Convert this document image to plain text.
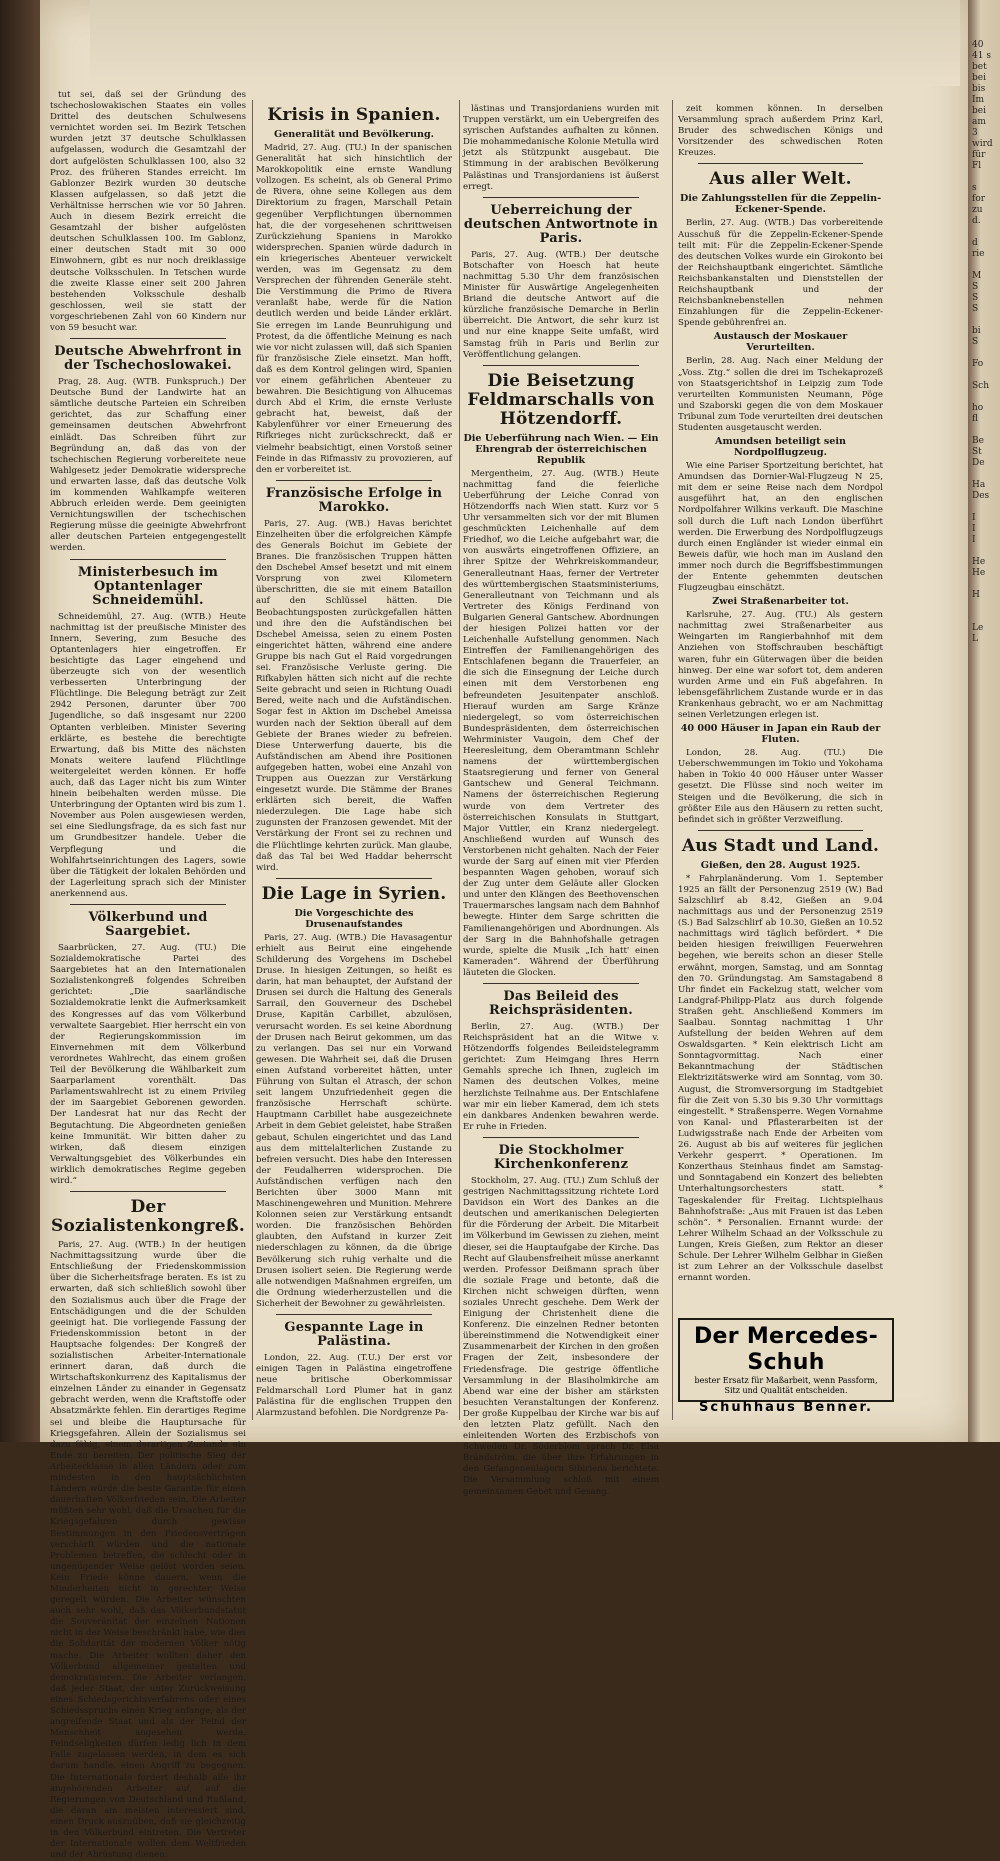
tut sei, daß sei der Gründung des tschechoslowakischen Staates ein volles Drittel des deutschen Schulwesens vernichtet worden sei. Im Bezirk Tetschen wurden jetzt 37 deutsche Schulklassen aufgelassen, wodurch die Gesamtzahl der dort aufgelösten Schulklassen 100, also 32 Proz. des früheren Standes erreicht. Im Gablonzer Bezirk wurden 30 deutsche Klassen aufgelassen, so daß jetzt die Verhältnisse herrschen wie vor 50 Jahren. Auch in diesem Bezirk erreicht die Gesamtzahl der bisher aufgelösten deutschen Schulklassen 100. Im Gablonz, einer deutschen Stadt mit 30 000 Einwohnern, gibt es nur noch dreiklassige deutsche Volksschulen. In Tetschen wurde die zweite Klasse einer seit 200 Jahren bestehenden Volksschule deshalb geschlossen, weil sie statt der vorgeschriebenen Zahl von 60 Kindern nur von 59 besucht war.

Deutsche Abwehrfront in der Tschechoslowakei.

Prag, 28. Aug. (WTB. Funkspruch.) Der Deutsche Bund der Landwirte hat an sämtliche deutsche Parteien ein Schreiben gerichtet, das zur Schaffung einer gemeinsamen deutschen Abwehrfront einlädt. Das Schreiben führt zur Begründung an, daß das von der tschechischen Regierung vorbereitete neue Wahlgesetz jeder Demokratie widerspreche und erwarten lasse, daß das deutsche Volk im kommenden Wahlkampfe weiteren Abbruch erleiden werde. Dem geeinigten Vernichtungswillen der tschechischen Regierung müsse die geeinigte Abwehrfront aller deutschen Parteien entgegengestellt werden.

Ministerbesuch im Optantenlager Schneidemühl.

Schneidemühl, 27. Aug. (WTB.) Heute nachmittag ist der preußische Minister des Innern, Severing, zum Besuche des Optantenlagers hier eingetroffen. Er besichtigte das Lager eingehend und überzeugte sich von der wesentlich verbesserten Unterbringung der Flüchtlinge. Die Belegung beträgt zur Zeit 2942 Personen, darunter über 700 Jugendliche, so daß insgesamt nur 2200 Optanten verbleiben. Minister Severing erklärte, es bestehe die berechtigte Erwartung, daß bis Mitte des nächsten Monats weitere laufend Flüchtlinge weitergeleitet werden können. Er hoffe auch, daß das Lager nicht bis zum Winter hinein beibehalten werden müsse. Die Unterbringung der Optanten wird bis zum 1. November aus Polen ausgewiesen werden, sei eine Siedlungsfrage, da es sich fast nur um Grundbesitzer handele. Ueber die Verpflegung und die Wohlfahrtseinrichtungen des Lagers, sowie über die Tätigkeit der lokalen Behörden und der Lagerleitung sprach sich der Minister anerkennend aus.

Völkerbund und Saargebiet.

Saarbrücken, 27. Aug. (TU.) Die Sozialdemokratische Partei des Saargebietes hat an den Internationalen Sozialistenkongreß folgendes Schreiben gerichtet: „Die saarländische Sozialdemokratie lenkt die Aufmerksamkeit des Kongresses auf das vom Völkerbund verwaltete Saargebiet. Hier herrscht ein von der Regierungskommission im Einvernehmen mit dem Völkerbund verordnetes Wahlrecht, das einem großen Teil der Bevölkerung die Wählbarkeit zum Saarparlament vorenthält. Das Parlamentswahlrecht ist zu einem Privileg der im Saargebiet Geborenen geworden. Der Landesrat hat nur das Recht der Begutachtung. Die Abgeordneten genießen keine Immunität. Wir bitten daher zu wirken, daß diesem einzigen Verwaltungsgebiet des Völkerbundes ein wirklich demokratisches Regime gegeben wird.“

Der Sozialistenkongreß.

Paris, 27. Aug. (WTB.) In der heutigen Nachmittagssitzung wurde über die Entschließung der Friedenskommission über die Sicherheitsfrage beraten. Es ist zu erwarten, daß sich schließlich sowohl über den Sozialismus auch über die Frage der Entschädigungen und die der Schulden geeinigt hat. Die vorliegende Fassung der Friedenskommission betont in der Hauptsache folgendes: Der Kongreß der sozialistischen Arbeiter-Internationale erinnert daran, daß durch die Wirtschaftskonkurrenz des Kapitalismus der einzelnen Länder zu einander in Gegensatz gebracht werden, wenn die Kraftstoffe oder Absatzmärkte fehlen. Ein derartiges Regime sei und bleibe die Hauptursache für Kriegsgefahren. Allein der Sozialismus sei dazu fähig, einem derartigen Zustande ein Ende zu bereiten. Der politische Sieg der Arbeiterklasse in allen Ländern oder zum mindesten in den hauptsächlichsten Ländern würde die beste Garantie für einen dauerhaften Völkerfrieden sein. Die Arbeiter müßten sehr wohl, daß die Ursachen für die Kriegsgefahren durch gewisse Bestimmungen in den Friedensverträgen verschärft würden und die nationale Problemen betreffen, die schlecht oder in ungenügender Weise gelöst worden seien. Kein Friede könne dauern, wenn die Minderheiten nicht in gerechter Weise geregelt würden. Die Arbeiter wünschten auch sehr wohl, daß das Völkerbundstatut die Souveränität der einzelnen Nationen nicht in der Weise beschränkt habe, wie dies die Solidarität der modernen Völker nötig mache. Die Arbeiter wollten daher den Völkerbund allgemeiner gestalten und demokratisieren. Die Arbeiter verlangen, daß jeder Staat, der unter Zurückweisung eines Schiedsgerichtsverfahrens oder eines Schiedsspruchs einen Krieg anfange, als der angreifende Staat und als der Feind der Menschheit angesehen werde. Feindseligkeiten dürfen ledig lich in dem Falle zugelassen werden, in dem es sich darum handle, einen Angriff zu begegnen. Die Internationale fordert deshalb alle ihr angehörenden Arbeiter auf, auf die Regierungen von Deutschland und Rußland, die daran am meisten interessiert sind, einen Druck auszuüben, daß sie gleichzeitig in den Völkerbund eintreten. Die Vertreter der Internationale wollen dem Weltfrieden und der Abrüstung dienen.

Krisis in Spanien.
Generalität und Bevölkerung.

Madrid, 27. Aug. (TU.) In der spanischen Generalität hat sich hinsichtlich der Marokkopolitik eine ernste Wandlung vollzogen. Es scheint, als ob General Primo de Rivera, ohne seine Kollegen aus dem Direktorium zu fragen, Marschall Petain gegenüber Verpflichtungen übernommen hat, die der vorgesehenen schrittweisen Zurückziehung Spaniens in Marokko widersprechen. Spanien würde dadurch in ein kriegerisches Abenteuer verwickelt werden, was im Gegensatz zu dem Versprechen der führenden Generäle steht. Die Verstimmung die Primo de Rivera veranlaßt habe, werde für die Nation deutlich werden und beide Länder erklärt. Sie erregen im Lande Beunruhigung und Protest, da die öffentliche Meinung es nach wie vor nicht zulassen will, daß sich Spanien für französische Ziele einsetzt. Man hofft, daß es dem Kontrol gelingen wird, Spanien vor einem gefährlichen Abenteuer zu bewahren. Die Besichtigung von Alhucemas durch Abd el Krim, die ernste Verluste gebracht hat, beweist, daß der Kabylenführer vor einer Erneuerung des Rifkrieges nicht zurückschreckt, daß er vielmehr beabsichtigt, einen Vorstoß seiner Feinde in das Rifmassiv zu provozieren, auf den er vorbereitet ist.

Französische Erfolge in Marokko.

Paris, 27. Aug. (WB.) Havas berichtet Einzelheiten über die erfolgreichen Kämpfe des Generals Boichut im Gebiete der Branes. Die französischen Truppen hätten den Dschebel Amsef besetzt und mit einem Vorsprung von zwei Kilometern überschritten, die sie mit einem Bataillon auf den Schlüssel hätten. Die Beobachtungsposten zurückgefallen hätten und ihre den die Aufständischen bei Dschebel Ameissa, seien zu einem Posten eingerichtet hätten, während eine andere Gruppe bis nach Gut el Raid vorgedrungen sei. Französische Verluste gering. Die Rifkabylen hätten sich nicht auf die rechte Seite gebracht und seien in Richtung Ouadi Bered, weite nach und die Aufständischen. Sogar fest in Aktion im Dschebel Ameissa wurden nach der Sektion überall auf dem Gebiete der Branes wieder zu befreien. Diese Unterwerfung dauerte, bis die Aufständischen am Abend ihre Positionen aufgegeben hatten, wobei eine Anzahl von Truppen aus Ouezzan zur Verstärkung eingesetzt wurde. Die Stämme der Branes erklärten sich bereit, die Waffen niederzulegen. Die Lage habe sich zugunsten der Franzosen gewendet. Mit der Verstärkung der Front sei zu rechnen und die Flüchtlinge kehrten zurück. Man glaube, daß das Tal bei Wed Haddar beherrscht wird.

Die Lage in Syrien.
Die Vorgeschichte des Drusenaufstandes

Paris, 27. Aug. (WTB.) Die Havasagentur erhielt aus Beirut eine eingehende Schilderung des Vorgehens im Dschebel Druse. In hiesigen Zeitungen, so heißt es darin, hat man behauptet, der Aufstand der Drusen sei durch die Haltung des Generals Sarrail, den Gouverneur des Dschebel Druse, Kapitän Carbillet, abzulösen, verursacht worden. Es sei keine Abordnung der Drusen nach Beirut gekommen, um das zu verlangen. Das sei nur ein Vorwand gewesen. Die Wahrheit sei, daß die Drusen einen Aufstand vorbereitet hätten, unter Führung von Sultan el Atrasch, der schon seit langem Unzufriedenheit gegen die französische Herrschaft schürte. Hauptmann Carbillet habe ausgezeichnete Arbeit in dem Gebiet geleistet, habe Straßen gebaut, Schulen eingerichtet und das Land aus dem mittelalterlichen Zustande zu befreien versucht. Dies habe den Interessen der Feudalherren widersprochen. Die Aufständischen verfügen nach den Berichten über 3000 Mann mit Maschinengewehren und Munition. Mehrere Kolonnen seien zur Verstärkung entsandt worden. Die französischen Behörden glaubten, den Aufstand in kurzer Zeit niederschlagen zu können, da die übrige Bevölkerung sich ruhig verhalte und die Drusen isoliert seien. Die Regierung werde alle notwendigen Maßnahmen ergreifen, um die Ordnung wiederherzustellen und die Sicherheit der Bewohner zu gewährleisten.

Gespannte Lage in Palästina.

London, 22. Aug. (T.U.) Der erst vor einigen Tagen in Palästina eingetroffene neue britische Oberkommissar Feldmarschall Lord Plumer hat in ganz Palästina für die englischen Truppen den Alarmzustand befohlen. Die Nordgrenze Pa-

lästinas und Transjordaniens wurden mit Truppen verstärkt, um ein Uebergreifen des syrischen Aufstandes aufhalten zu können. Die mohammedanische Kolonie Metulla wird jetzt als Stützpunkt ausgebaut. Die Stimmung in der arabischen Bevölkerung Palästinas und Transjordaniens ist äußerst erregt.

Ueberreichung der deutschen Antwortnote in Paris.

Paris, 27. Aug. (WTB.) Der deutsche Botschafter von Hoesch hat heute nachmittag 5.30 Uhr dem französischen Minister für Auswärtige Angelegenheiten Briand die deutsche Antwort auf die kürzliche französische Demarche in Berlin überreicht. Die Antwort, die sehr kurz ist und nur eine knappe Seite umfaßt, wird Samstag früh in Paris und Berlin zur Veröffentlichung gelangen.

Die Beisetzung Feldmarschalls von Hötzendorff.
Die Ueberführung nach Wien. — Ein Ehrengrab der österreichischen Republik

Mergentheim, 27. Aug. (WTB.) Heute nachmittag fand die feierliche Ueberführung der Leiche Conrad von Hötzendorffs nach Wien statt. Kurz vor 5 Uhr versammelten sich vor der mit Blumen geschmückten Leichenhalle auf dem Friedhof, wo die Leiche aufgebahrt war, die von auswärts eingetroffenen Offiziere, an ihrer Spitze der Wehrkreiskommandeur, Generalleutnant Haas, ferner der Vertreter des württembergischen Staatsministeriums, Generalleutnant von Teichmann und als Vertreter des Königs Ferdinand von Bulgarien General Gantschew. Abordnungen der hiesigen Polizei hatten vor der Leichenhalle Aufstellung genommen. Nach Eintreffen der Familienangehörigen des Entschlafenen begann die Trauerfeier, an die sich die Einsegnung der Leiche durch einen mit dem Verstorbenen eng befreundeten Jesuitenpater anschloß. Hierauf wurden am Sarge Kränze niedergelegt, so vom österreichischen Bundespräsidenten, dem österreichischen Wehrminister Vaugoin, dem Chef der Heeresleitung, dem Oberamtmann Schlehr namens der württembergischen Staatsregierung und ferner von General Gantschew und General Teichmann. Namens der österreichischen Regierung wurde von dem Vertreter des österreichischen Konsulats in Stuttgart, Major Vuttler, ein Kranz niedergelegt. Anschließend wurden auf Wunsch des Verstorbenen nicht gehalten. Nach der Feier wurde der Sarg auf einen mit vier Pferden bespannten Wagen gehoben, worauf sich der Zug unter dem Geläute aller Glocken und unter den Klängen des Beethovenschen Trauermarsches langsam nach dem Bahnhof bewegte. Hinter dem Sarge schritten die Familienangehörigen und Abordnungen. Als der Sarg in die Bahnhofshalle getragen wurde, spielte die Musik „Ich hatt' einen Kameraden“. Während der Überführung läuteten die Glocken.

Das Beileid des Reichspräsidenten.

Berlin, 27. Aug. (WTB.) Der Reichspräsident hat an die Witwe v. Hötzendorffs folgendes Beileidstelegramm gerichtet: Zum Heimgang Ihres Herrn Gemahls spreche ich Ihnen, zugleich im Namen des deutschen Volkes, meine herzlichste Teilnahme aus. Der Entschlafene war mir ein lieber Kamerad, dem ich stets ein dankbares Andenken bewahren werde. Er ruhe in Frieden.

Die Stockholmer Kirchenkonferenz

Stockholm, 27. Aug. (TU.) Zum Schluß der gestrigen Nachmittagssitzung richtete Lord Davidson ein Wort des Dankes an die deutschen und amerikanischen Delegierten für die Förderung der Arbeit. Die Mitarbeit im Völkerbund im Gewissen zu ziehen, meint dieser, sei die Hauptaufgabe der Kirche. Das Recht auf Glaubensfreiheit müsse anerkannt werden. Professor Deißmann sprach über die soziale Frage und betonte, daß die Kirchen nicht schweigen dürften, wenn soziales Unrecht geschehe. Dem Werk der Einigung der Christenheit diene die Konferenz. Die einzelnen Redner betonten übereinstimmend die Notwendigkeit einer Zusammenarbeit der Kirchen in den großen Fragen der Zeit, insbesondere der Friedensfrage. Die gestrige öffentliche Versammlung in der Blasiholmkirche am Abend war eine der bisher am stärksten besuchten Veranstaltungen der Konferenz. Der große Kuppelbau der Kirche war bis auf den letzten Platz gefüllt. Nach den einleitenden Worten des Erzbischofs von Schweden Dr. Söderblom sprach Dr. Elsa Brändström, die über ihre Erfahrungen in den Gefangenenlagern Sibiriens berichtete. Die Versammlung schloß mit einem gemeinsamen Gebet und Gesang.

zeit kommen können. In derselben Versammlung sprach außerdem Prinz Karl, Bruder des schwedischen Königs und Vorsitzender des schwedischen Roten Kreuzes.

Aus aller Welt.
Die Zahlungsstellen für die Zeppelin-Eckener-Spende.

Berlin, 27. Aug. (WTB.) Das vorbereitende Ausschuß für die Zeppelin-Eckener-Spende teilt mit: Für die Zeppelin-Eckener-Spende des deutschen Volkes wurde ein Girokonto bei der Reichshauptbank eingerichtet. Sämtliche Reichsbankanstalten und Dienststellen der Reichshauptbank und der Reichsbanknebenstellen nehmen Einzahlungen für die Zeppelin-Eckener-Spende gebührenfrei an.

Austausch der Moskauer Verurteilten.

Berlin, 28. Aug. Nach einer Meldung der „Voss. Ztg.“ sollen die drei im Tschekaprozeß von Staatsgerichtshof in Leipzig zum Tode verurteilten Kommunisten Neumann, Pöge und Szaborski gegen die von dem Moskauer Tribunal zum Tode verurteilten drei deutschen Studenten ausgetauscht werden.

Amundsen beteiligt sein Nordpolflugzeug.

Wie eine Pariser Sportzeitung berichtet, hat Amundsen das Dornier-Wal-Flugzeug N 25, mit dem er seine Reise nach dem Nordpol ausgeführt hat, an den englischen Nordpolfahrer Wilkins verkauft. Die Maschine soll durch die Luft nach London überführt werden. Die Erwerbung des Nordpolflugzeugs durch einen Engländer ist wieder einmal ein Beweis dafür, wie hoch man im Ausland den immer noch durch die Begriffsbestimmungen der Entente gehemmten deutschen Flugzeugbau einschätzt.

Zwei Straßenarbeiter tot.

Karlsruhe, 27. Aug. (TU.) Als gestern nachmittag zwei Straßenarbeiter aus Weingarten im Rangierbahnhof mit dem Anziehen von Stoffschrauben beschäftigt waren, fuhr ein Güterwagen über die beiden hinweg. Der eine war sofort tot, dem anderen wurden Arme und ein Fuß abgefahren. In lebensgefährlichem Zustande wurde er in das Krankenhaus gebracht, wo er am Nachmittag seinen Verletzungen erlegen ist.

40 000 Häuser in Japan ein Raub der Fluten.

London, 28. Aug. (TU.) Die Ueberschwemmungen im Tokio und Yokohama haben in Tokio 40 000 Häuser unter Wasser gesetzt. Die Flüsse sind noch weiter im Steigen und die Bevölkerung, die sich in größter Eile aus den Häusern zu retten sucht, befindet sich in größter Verzweiflung.

Aus Stadt und Land.
Gießen, den 28. August 1925.

* Fahrplanänderung. Vom 1. September 1925 an fällt der Personenzug 2519 (W.) Bad Salzschlirf ab 8.42, Gießen an 9.04 nachmittags aus und der Personenzug 2519 (S.) Bad Salzschlirf ab 10.30, Gießen an 10.52 nachmittags wird täglich befördert. * Die beiden hiesigen freiwilligen Feuerwehren begehen, wie bereits schon an dieser Stelle erwähnt, morgen, Samstag, und am Sonntag den 70. Gründungstag. Am Samstagabend 8 Uhr findet ein Fackelzug statt, welcher vom Landgraf-Philipp-Platz aus durch folgende Straßen geht. Anschließend Kommers im Saalbau. Sonntag nachmittag 1 Uhr Aufstellung der beiden Wehren auf dem Oswaldsgarten. * Kein elektrisch Licht am Sonntagvormittag. Nach einer Bekanntmachung der Städtischen Elektrizitätswerke wird am Sonntag, vom 30. August, die Stromversorgung im Stadtgebiet für die Zeit von 5.30 bis 9.30 Uhr vormittags eingestellt. * Straßensperre. Wegen Vornahme von Kanal- und Pflasterarbeiten ist der Ludwigsstraße nach Ende der Arbeiten vom 26. August ab bis auf weiteres für jeglichen Verkehr gesperrt. * Operationen. Im Konzerthaus Steinhaus findet am Samstag- und Sonntagabend ein Konzert des beliebten Unterhaltungsorchesters statt. * Tageskalender für Freitag. Lichtspielhaus Bahnhofstraße: „Aus mit Frauen ist das Leben schön“. * Personalien. Ernannt wurde: der Lehrer Wilhelm Schaad an der Volksschule zu Lungen, Kreis Gießen, zum Rektor an dieser Schule. Der Lehrer Wilhelm Gelbhar in Gießen ist zum Lehrer an der Volksschule daselbst ernannt worden.

Der Mercedes-Schuh
bester Ersatz für Maßarbeit, wenn Passform, Sitz und Qualität entscheiden.
Schuhhaus Benner.
40
41 s
bet
bei
bis
Im
bei
am
3
wird
für
Fl

s
for
zu
d.

d
rie

M
S
S
S

bi
S

Fo

Sch

ho
fl

Be
St
De

Ha
Des

I
I
I

He
He

H

Le
L
